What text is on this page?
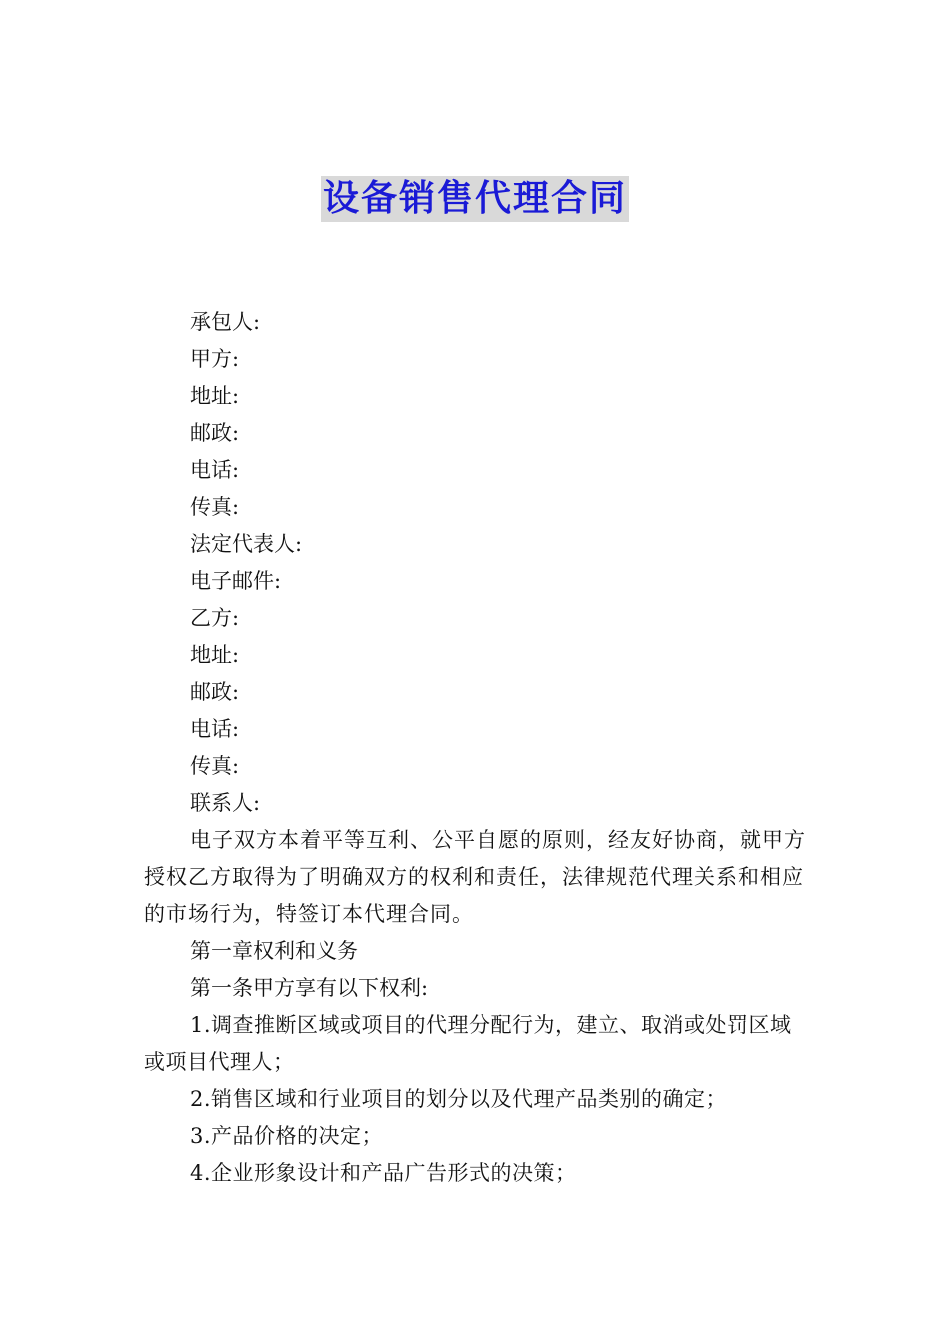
设备销售代理合同

承包人:

甲方:

地址:

邮政:

电话:

传真:

法定代表人:

电子邮件:

乙方:

地址:

邮政:

电话:

传真:

联系人:

电子双方本着平等互利、公平自愿的原则，经友好协商，就甲方授权乙方取得为了明确双方的权利和责任，法律规范代理关系和相应的市场行为，特签订本代理合同。

第一章权利和义务

第一条甲方享有以下权利:

1.调查推断区域或项目的代理分配行为，建立、取消或处罚区域或项目代理人；

2.销售区域和行业项目的划分以及代理产品类别的确定；

3.产品价格的决定；

4.企业形象设计和产品广告形式的决策；
